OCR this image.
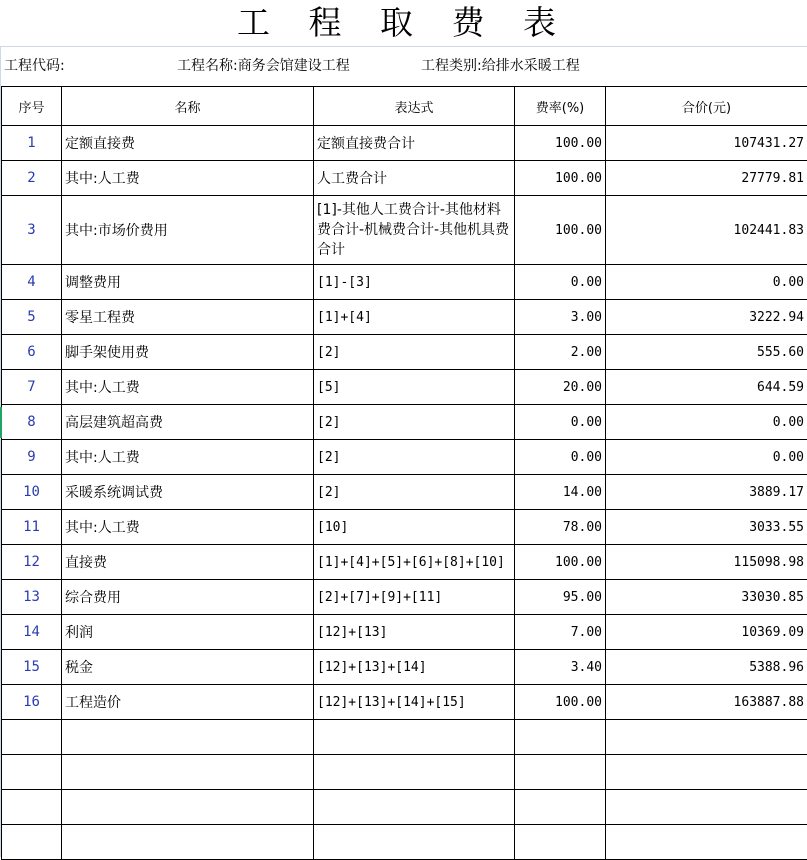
工 程 取 费 表
工程代码:	工程名称:商务会馆建设工程	工程类别:给排水采暖工程
序号	名称	表达式	费率(%)	合价(元)
1	定额直接费	定额直接费合计	100.00	107431.27
2	其中:人工费	人工费合计	100.00	27779.81
3	其中:市场价费用	[1]-其他人工费合计-其他材料费合计-机械费合计-其他机具费合计	100.00	102441.83
4	调整费用	[1]-[3]	0.00	0.00
5	零星工程费	[1]+[4]	3.00	3222.94
6	脚手架使用费	[2]	2.00	555.60
7	其中:人工费	[5]	20.00	644.59
8	高层建筑超高费	[2]	0.00	0.00
9	其中:人工费	[2]	0.00	0.00
10	采暖系统调试费	[2]	14.00	3889.17
11	其中:人工费	[10]	78.00	3033.55
12	直接费	[1]+[4]+[5]+[6]+[8]+[10]	100.00	115098.98
13	综合费用	[2]+[7]+[9]+[11]	95.00	33030.85
14	利润	[12]+[13]	7.00	10369.09
15	税金	[12]+[13]+[14]	3.40	5388.96
16	工程造价	[12]+[13]+[14]+[15]	100.00	163887.88
